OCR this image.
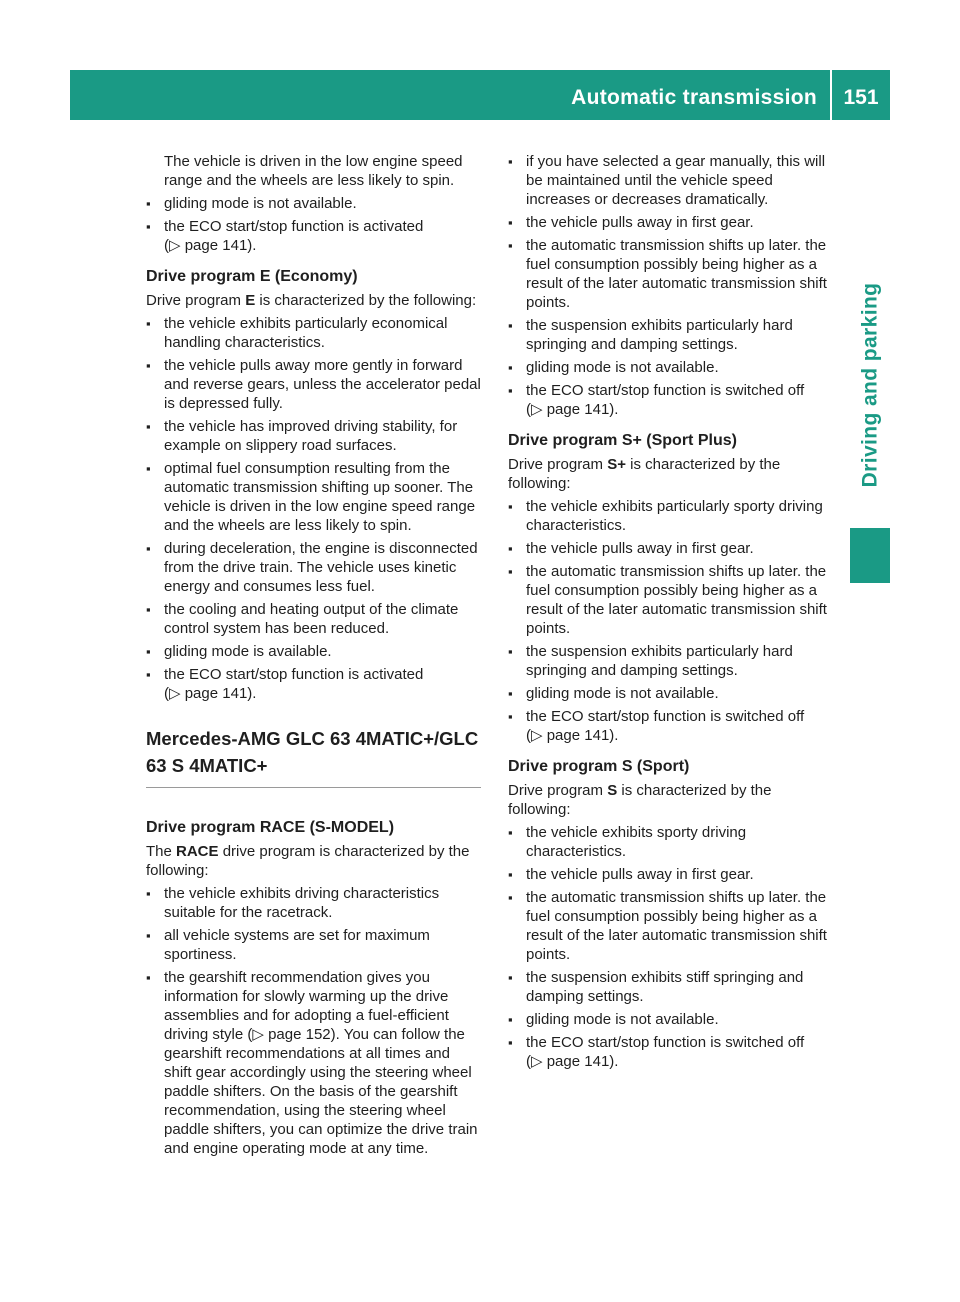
Automatic transmission	151
Driving and parking

The vehicle is driven in the low engine speed range and the wheels are less likely to spin.

▪ gliding mode is not available.
▪ the ECO start/stop function is activated
(▷ page 141).
Drive program E (Economy)

Drive program E is characterized by the following:

▪ the vehicle exhibits particularly economical handling characteristics.
▪ the vehicle pulls away more gently in forward and reverse gears, unless the accelerator pedal is depressed fully.
▪ the vehicle has improved driving stability, for example on slippery road surfaces.
▪ optimal fuel consumption resulting from the automatic transmission shifting up sooner. The vehicle is driven in the low engine speed range and the wheels are less likely to spin.
▪ during deceleration, the engine is disconnected from the drive train. The vehicle uses kinetic energy and consumes less fuel.
▪ the cooling and heating output of the climate control system has been reduced.
▪ gliding mode is available.
▪ the ECO start/stop function is activated
(▷ page 141).
Mercedes-AMG GLC 63 4MATIC+/GLC 63 S 4MATIC+
Drive program RACE (S-MODEL)

The RACE drive program is characterized by the following:

▪ the vehicle exhibits driving characteristics suitable for the racetrack.
▪ all vehicle systems are set for maximum sportiness.
▪ the gearshift recommendation gives you information for slowly warming up the drive assemblies and for adopting a fuel-efficient driving style (▷ page 152). You can follow the gearshift recommendations at all times and shift gear accordingly using the steering wheel paddle shifters. On the basis of the gearshift recommendation, using the steering wheel paddle shifters, you can optimize the drive train and engine operating mode at any time.
▪ if you have selected a gear manually, this will be maintained until the vehicle speed increases or decreases dramatically.
▪ the vehicle pulls away in first gear.
▪ the automatic transmission shifts up later. the fuel consumption possibly being higher as a result of the later automatic transmission shift points.
▪ the suspension exhibits particularly hard springing and damping settings.
▪ gliding mode is not available.
▪ the ECO start/stop function is switched off
(▷ page 141).
Drive program S+ (Sport Plus)

Drive program S+ is characterized by the following:

▪ the vehicle exhibits particularly sporty driving characteristics.
▪ the vehicle pulls away in first gear.
▪ the automatic transmission shifts up later. the fuel consumption possibly being higher as a result of the later automatic transmission shift points.
▪ the suspension exhibits particularly hard springing and damping settings.
▪ gliding mode is not available.
▪ the ECO start/stop function is switched off
(▷ page 141).
Drive program S (Sport)

Drive program S is characterized by the following:

▪ the vehicle exhibits sporty driving characteristics.
▪ the vehicle pulls away in first gear.
▪ the automatic transmission shifts up later. the fuel consumption possibly being higher as a result of the later automatic transmission shift points.
▪ the suspension exhibits stiff springing and damping settings.
▪ gliding mode is not available.
▪ the ECO start/stop function is switched off
(▷ page 141).
